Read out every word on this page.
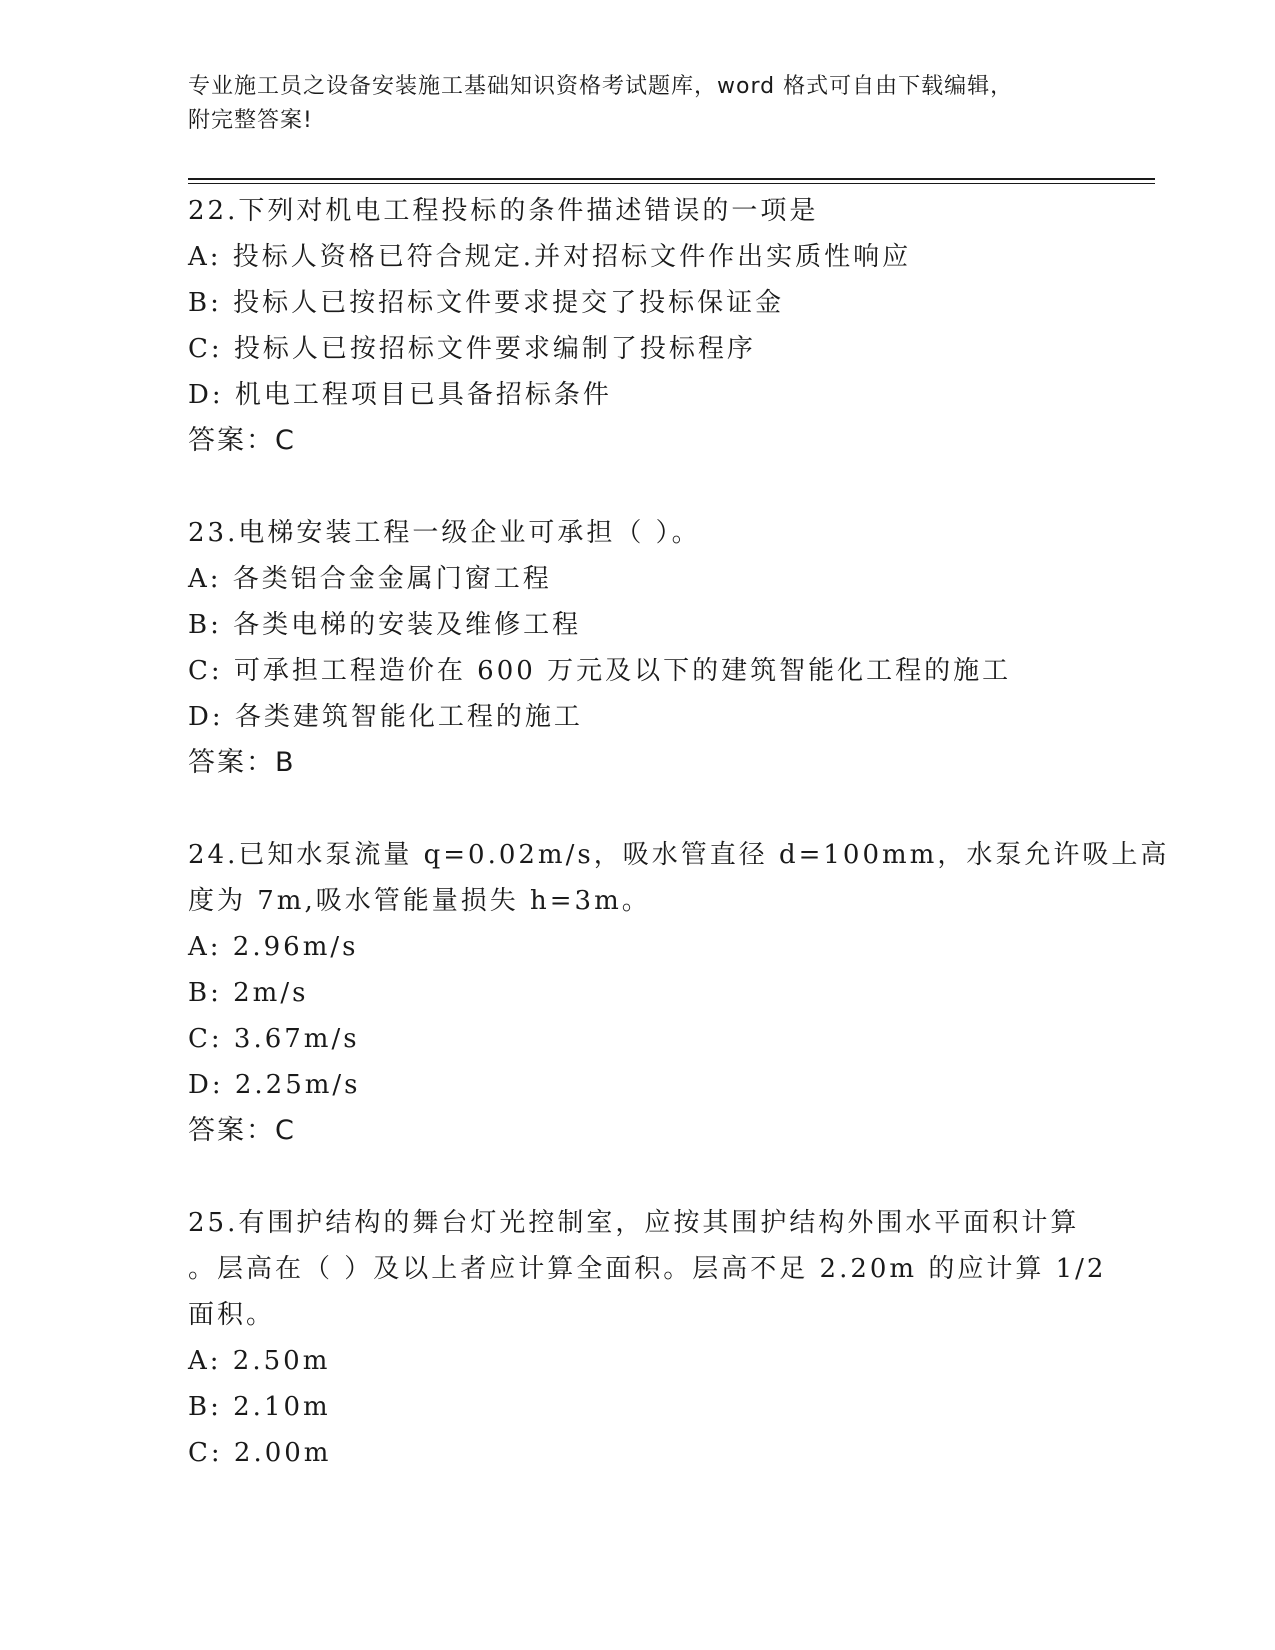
专业施工员之设备安装施工基础知识资格考试题库，word 格式可自由下载编辑，
附完整答案!
22.下列对机电工程投标的条件描述错误的一项是
A: 投标人资格已符合规定.并对招标文件作出实质性响应
B: 投标人已按招标文件要求提交了投标保证金
C: 投标人已按招标文件要求编制了投标程序
D: 机电工程项目已具备招标条件
答案：C
23.电梯安装工程一级企业可承担（ ）。
A: 各类铝合金金属门窗工程
B: 各类电梯的安装及维修工程
C: 可承担工程造价在 600 万元及以下的建筑智能化工程的施工
D: 各类建筑智能化工程的施工
答案：B
24.已知水泵流量 q=0.02m/s，吸水管直径 d=100mm，水泵允许吸上高
度为 7m,吸水管能量损失 h=3m。
A: 2.96m/s
B: 2m/s
C: 3.67m/s
D: 2.25m/s
答案：C
25.有围护结构的舞台灯光控制室，应按其围护结构外围水平面积计算
。层高在（ ）及以上者应计算全面积。层高不足 2.20m 的应计算 1/2
面积。
A: 2.50m
B: 2.10m
C: 2.00m
